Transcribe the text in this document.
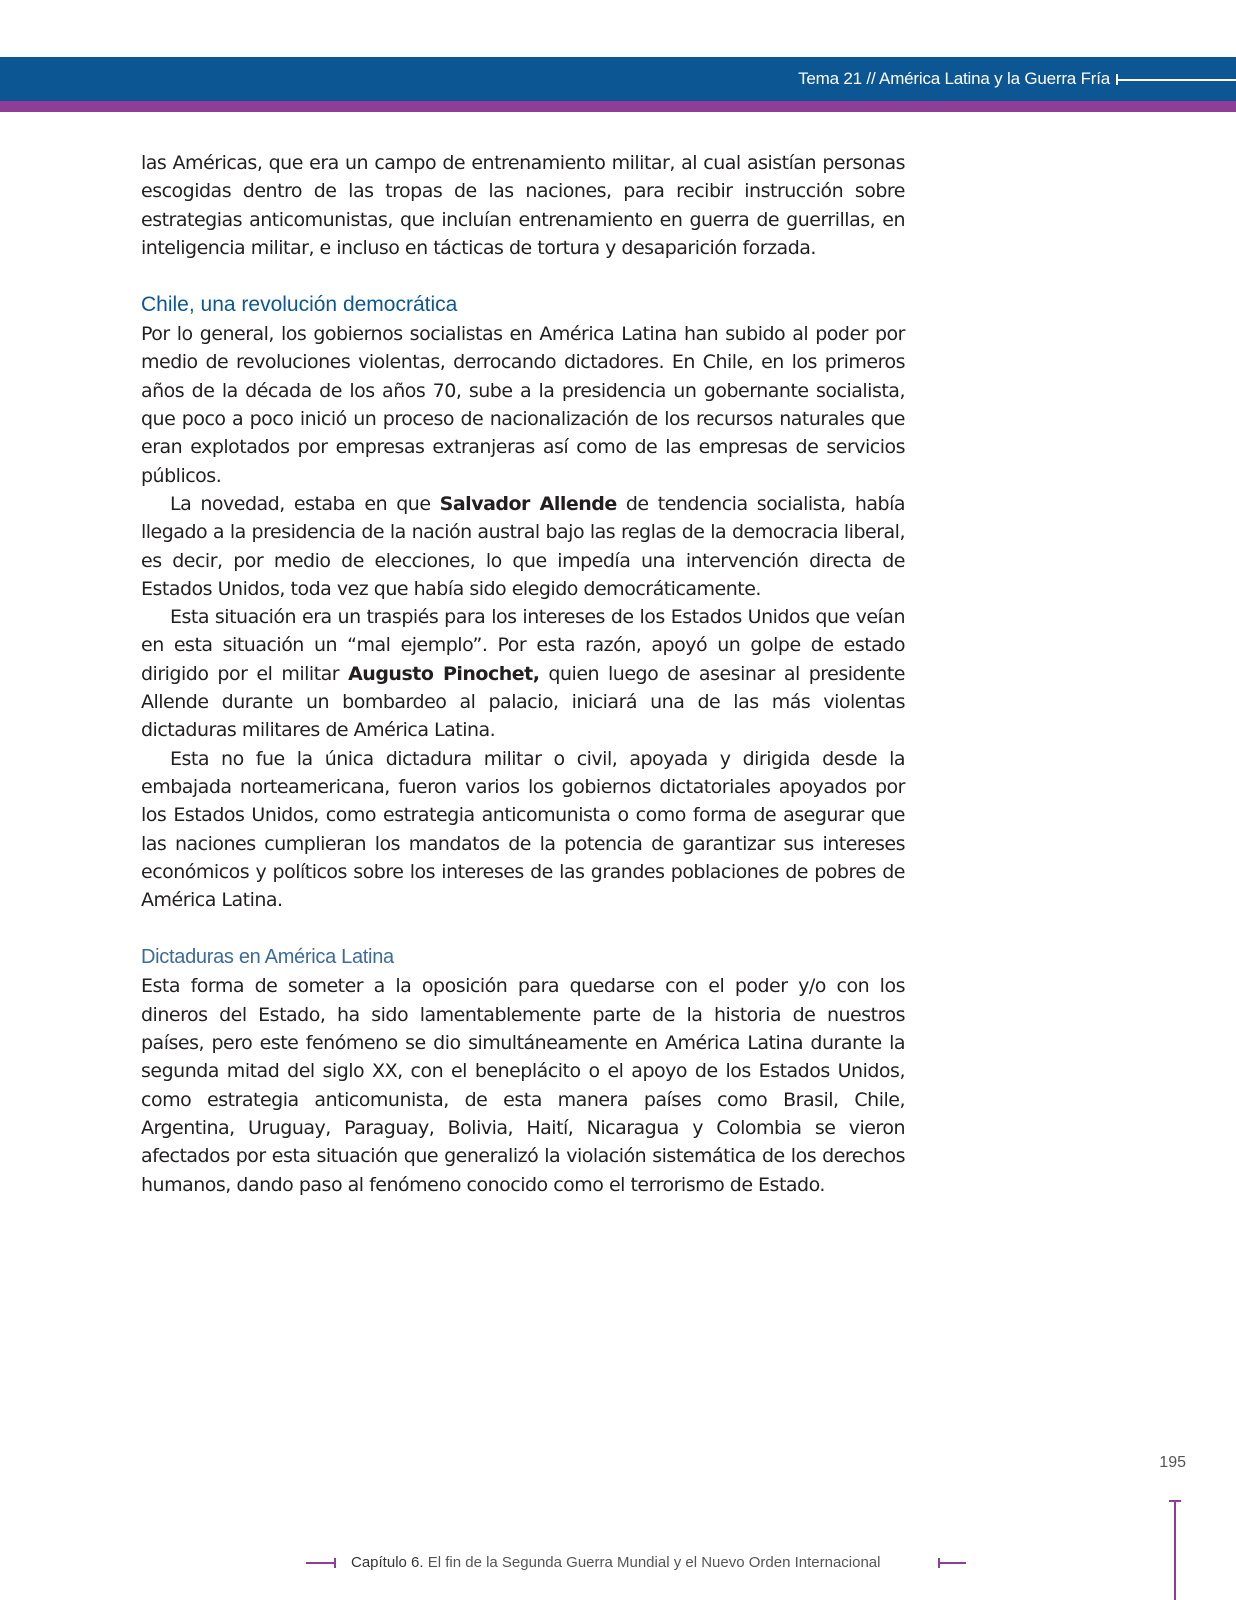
Tema 21 // América Latina y la Guerra Fría

las Américas, que era un campo de entrenamiento militar, al cual asistían personas escogidas dentro de las tropas de las naciones, para recibir instrucción sobre estrategias anticomunistas, que incluían entrenamiento en guerra de guerrillas, en inteligencia militar, e incluso en tácticas de tortura y desaparición forzada.

Chile, una revolución democrática

Por lo general, los gobiernos socialistas en América Latina han subido al poder por medio de revoluciones violentas, derrocando dictadores. En Chile, en los primeros años de la década de los años 70, sube a la presidencia un gobernante socialista, que poco a poco inició un proceso de nacionalización de los recursos naturales que eran explotados por empresas extranjeras así como de las empresas de servicios públicos.

La novedad, estaba en que Salvador Allende de tendencia socialista, había llegado a la presidencia de la nación austral bajo las reglas de la democracia liberal, es decir, por medio de elecciones, lo que impedía una intervención directa de Estados Unidos, toda vez que había sido elegido democráticamente.

Esta situación era un traspiés para los intereses de los Estados Unidos que veían en esta situación un “mal ejemplo”. Por esta razón, apoyó un golpe de estado dirigido por el militar Augusto Pinochet, quien luego de asesinar al presidente Allende durante un bombardeo al palacio, iniciará una de las más violentas dictaduras militares de América Latina.

Esta no fue la única dictadura militar o civil, apoyada y dirigida desde la embajada norteamericana, fueron varios los gobiernos dictatoriales apoyados por los Estados Unidos, como estrategia anticomunista o como forma de asegurar que las naciones cumplieran los mandatos de la potencia de garantizar sus intereses económicos y políticos sobre los intereses de las grandes poblaciones de pobres de América Latina.

Dictaduras en América Latina

Esta forma de someter a la oposición para quedarse con el poder y/o con los dineros del Estado, ha sido lamentablemente parte de la historia de nuestros países, pero este fenómeno se dio simultáneamente en América Latina durante la segunda mitad del siglo XX, con el beneplácito o el apoyo de los Estados Unidos, como estrategia anticomunista, de esta manera países como Brasil, Chile, Argentina, Uruguay, Paraguay, Bolivia, Haití, Nicaragua y Colombia se vieron afectados por esta situación que generalizó la violación sistemática de los derechos humanos, dando paso al fenómeno conocido como el terrorismo de Estado.

195
Capítulo 6. El fin de la Segunda Guerra Mundial y el Nuevo Orden Internacional
